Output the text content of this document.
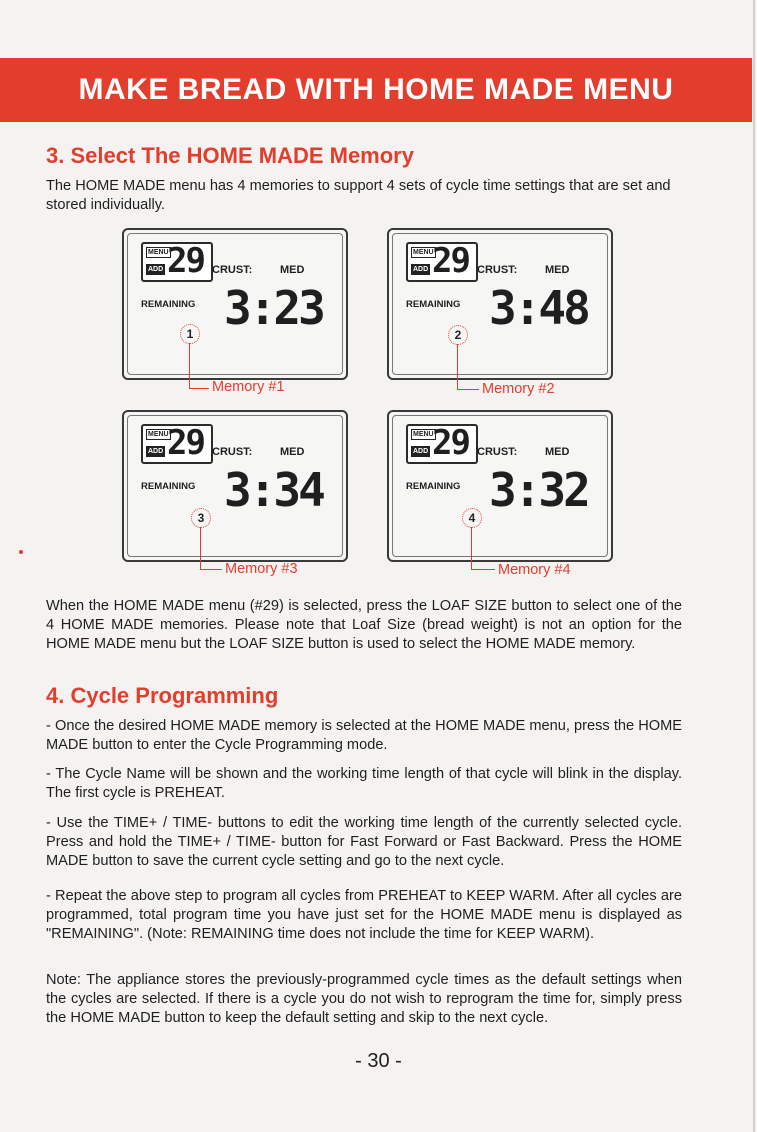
MAKE BREAD WITH HOME MADE MENU
3. Select The HOME MADE Memory
The HOME MADE menu has 4 memories to support 4 sets of cycle time settings that are set and stored individually.
MENU
ADD 29 CRUST:	MED
REMAINING 3:23
1
Memory #1
MENU
ADD 29 CRUST:	MED
REMAINING 3:48
2
Memory #2
MENU
ADD 29 CRUST:	MED
REMAINING 3:34
3
Memory #3
MENU
ADD 29 CRUST:	MED
REMAINING 3:32
4
Memory #4
When the HOME MADE menu (#29) is selected, press the LOAF SIZE button to select one of the 4 HOME MADE memories. Please note that Loaf Size (bread weight) is not an option for the HOME MADE menu but the LOAF SIZE button is used to select the HOME MADE memory.
4. Cycle Programming
- Once the desired HOME MADE memory is selected at the HOME MADE menu, press the HOME MADE button to enter the Cycle Programming mode.
- The Cycle Name will be shown and the working time length of that cycle will blink in the display. The first cycle is PREHEAT.
- Use the TIME+ / TIME- buttons to edit the working time length of the currently selected cycle. Press and hold the TIME+ / TIME- button for Fast Forward or Fast Backward. Press the HOME MADE button to save the current cycle setting and go to the next cycle.
- Repeat the above step to program all cycles from PREHEAT to KEEP WARM. After all cycles are programmed, total program time you have just set for the HOME MADE menu is displayed as "REMAINING". (Note: REMAINING time does not include the time for KEEP WARM).
Note: The appliance stores the previously-programmed cycle times as the default settings when the cycles are selected. If there is a cycle you do not wish to reprogram the time for, simply press the HOME MADE button to keep the default setting and skip to the next cycle.
- 30 -
